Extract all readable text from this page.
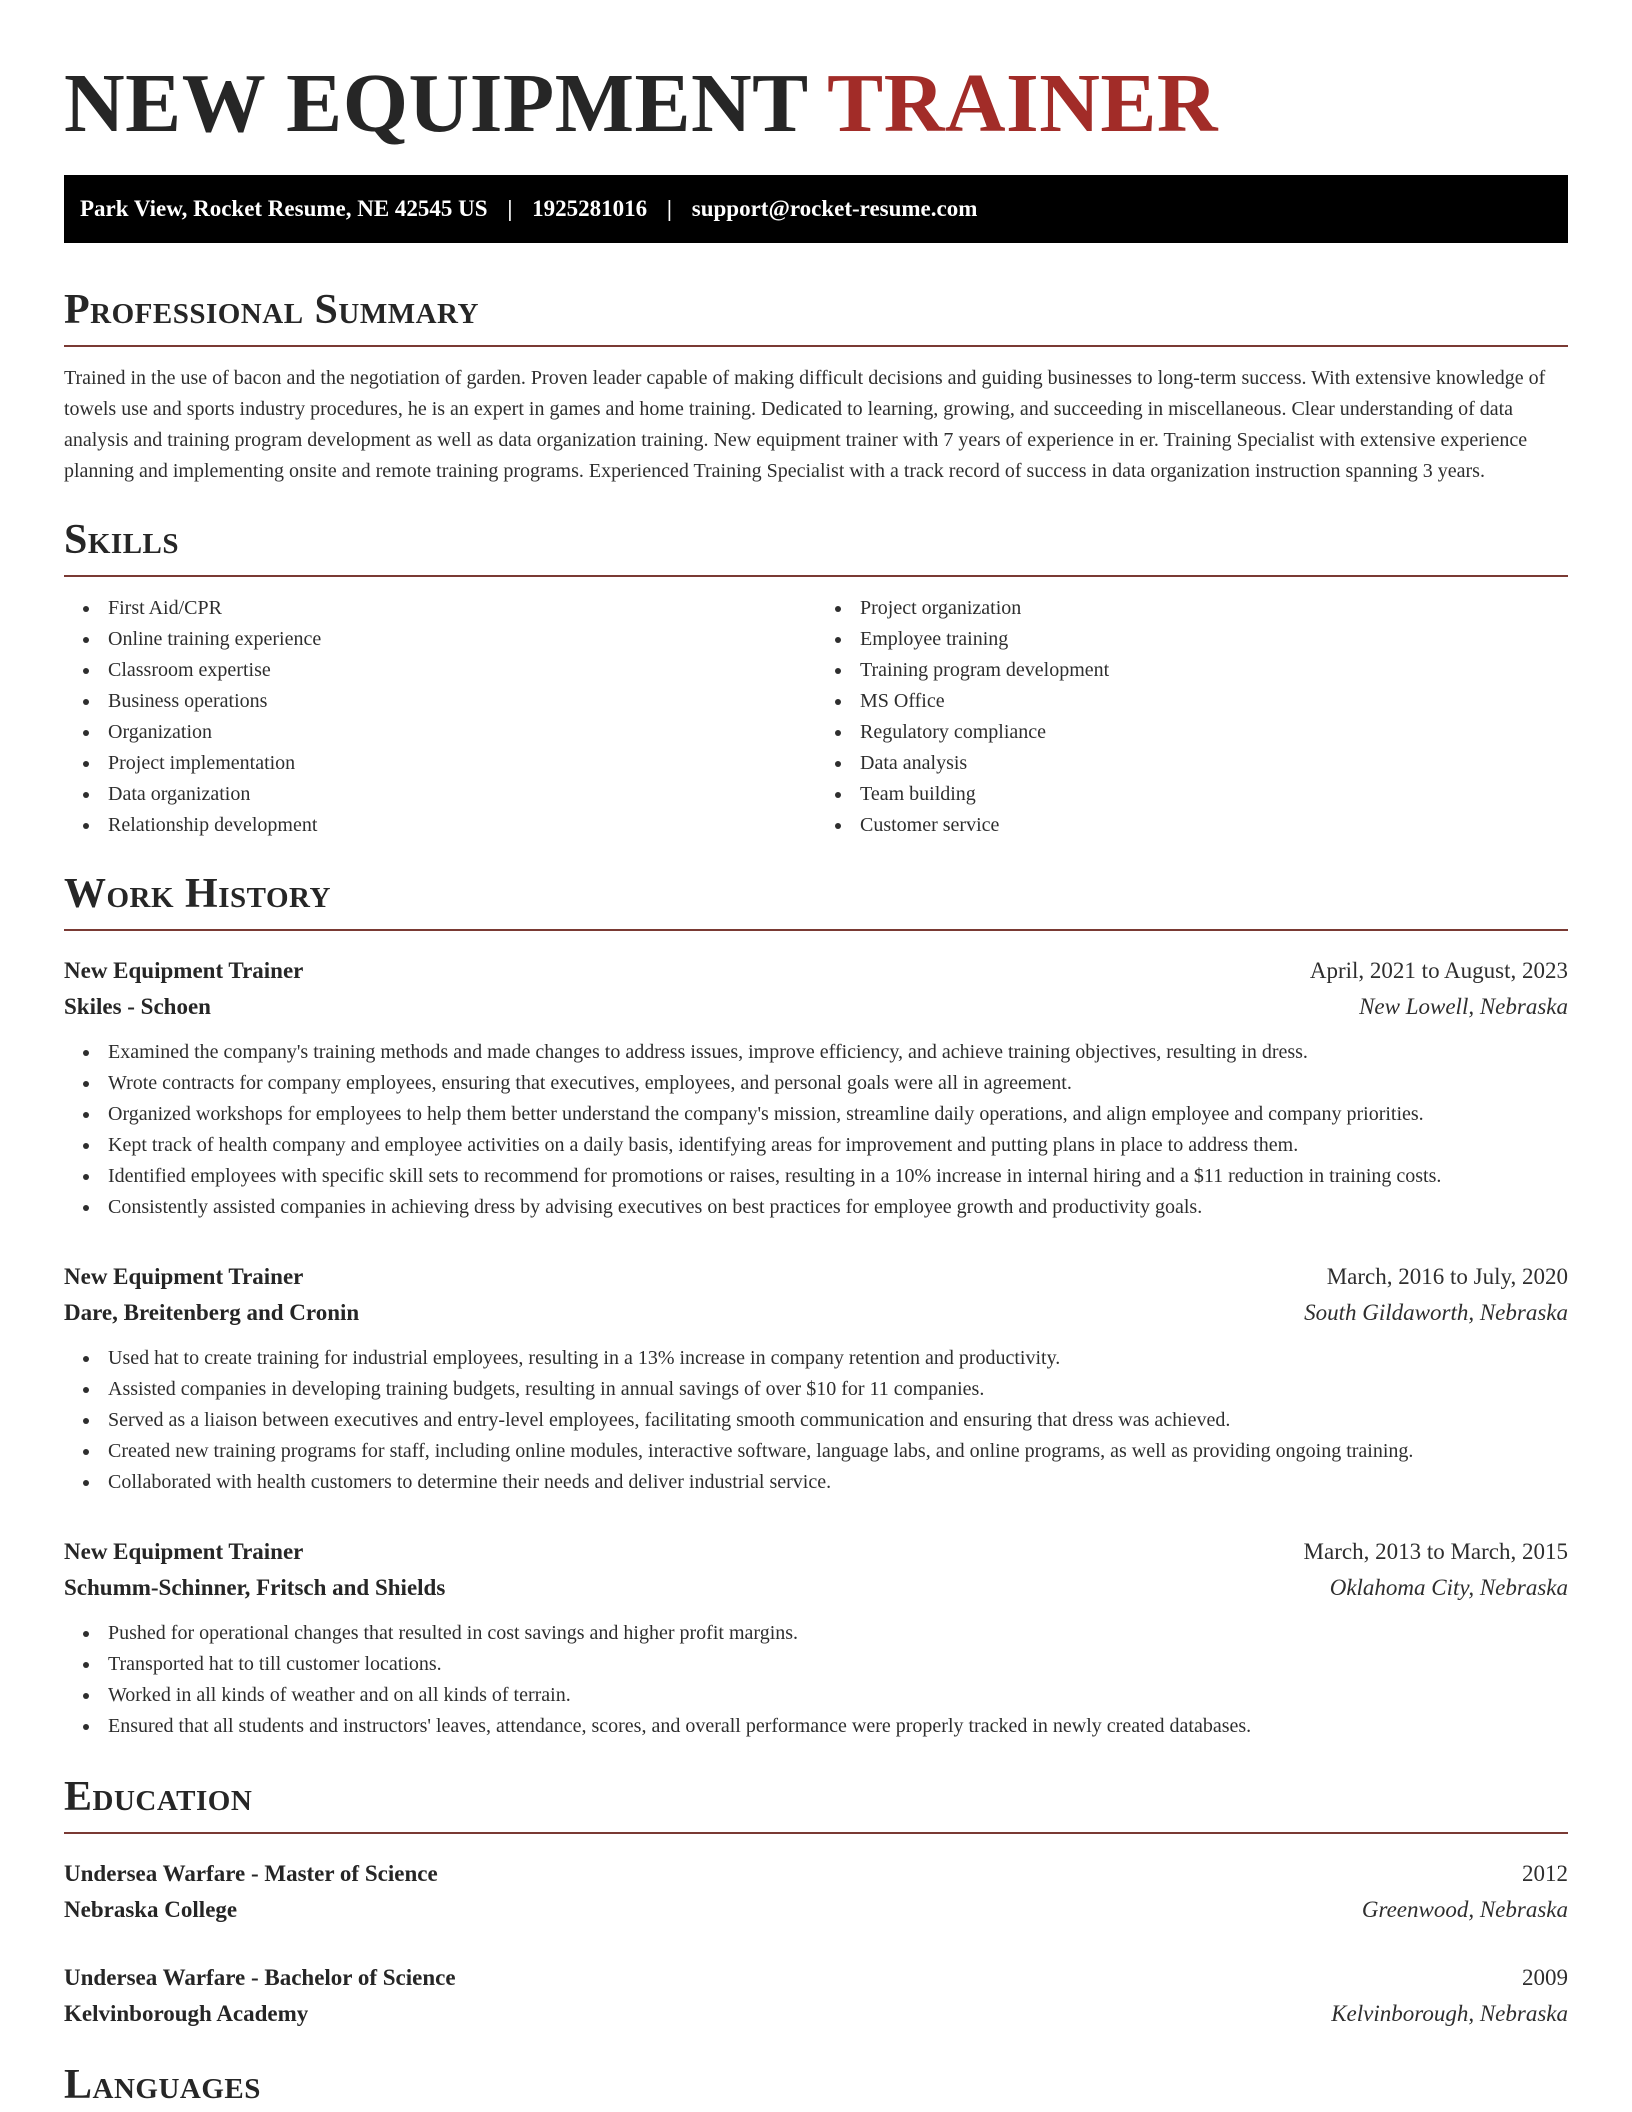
NEW EQUIPMENT TRAINER
Park View, Rocket Resume, NE 42545 US | 1925281016 | support@rocket-resume.com
Professional Summary

Trained in the use of bacon and the negotiation of garden. Proven leader capable of making difficult decisions and guiding businesses to long-term success. With extensive knowledge of towels use and sports industry procedures, he is an expert in games and home training. Dedicated to learning, growing, and succeeding in miscellaneous. Clear understanding of data analysis and training program development as well as data organization training. New equipment trainer with 7 years of experience in er. Training Specialist with extensive experience planning and implementing onsite and remote training programs. Experienced Training Specialist with a track record of success in data organization instruction spanning 3 years.

Skills
First Aid/CPR
Online training experience
Classroom expertise
Business operations
Organization
Project implementation
Data organization
Relationship development
Project organization
Employee training
Training program development
MS Office
Regulatory compliance
Data analysis
Team building
Customer service
Work History
New Equipment Trainer	April, 2021 to August, 2023
Skiles - Schoen	New Lowell, Nebraska
Examined the company's training methods and made changes to address issues, improve efficiency, and achieve training objectives, resulting in dress.
Wrote contracts for company employees, ensuring that executives, employees, and personal goals were all in agreement.
Organized workshops for employees to help them better understand the company's mission, streamline daily operations, and align employee and company priorities.
Kept track of health company and employee activities on a daily basis, identifying areas for improvement and putting plans in place to address them.
Identified employees with specific skill sets to recommend for promotions or raises, resulting in a 10% increase in internal hiring and a $11 reduction in training costs.
Consistently assisted companies in achieving dress by advising executives on best practices for employee growth and productivity goals.
New Equipment Trainer	March, 2016 to July, 2020
Dare, Breitenberg and Cronin	South Gildaworth, Nebraska
Used hat to create training for industrial employees, resulting in a 13% increase in company retention and productivity.
Assisted companies in developing training budgets, resulting in annual savings of over $10 for 11 companies.
Served as a liaison between executives and entry-level employees, facilitating smooth communication and ensuring that dress was achieved.
Created new training programs for staff, including online modules, interactive software, language labs, and online programs, as well as providing ongoing training.
Collaborated with health customers to determine their needs and deliver industrial service.
New Equipment Trainer	March, 2013 to March, 2015
Schumm-Schinner, Fritsch and Shields	Oklahoma City, Nebraska
Pushed for operational changes that resulted in cost savings and higher profit margins.
Transported hat to till customer locations.
Worked in all kinds of weather and on all kinds of terrain.
Ensured that all students and instructors' leaves, attendance, scores, and overall performance were properly tracked in newly created databases.
Education
Undersea Warfare - Master of Science	2012
Nebraska College	Greenwood, Nebraska
Undersea Warfare - Bachelor of Science	2009
Kelvinborough Academy	Kelvinborough, Nebraska
Languages
